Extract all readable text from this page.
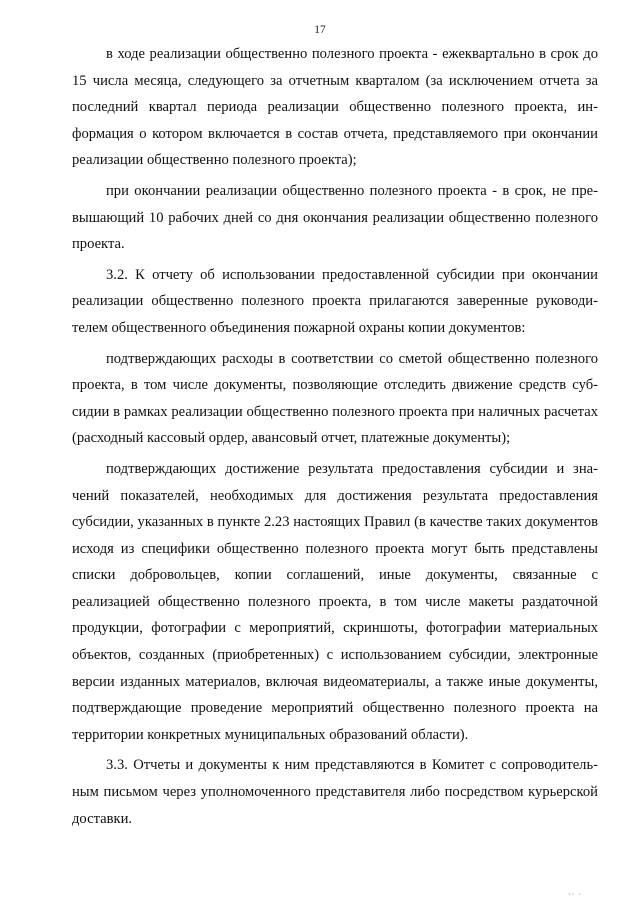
17

в ходе реализации общественно полезного проекта - ежеквартально в срок до 15 числа месяца, следующего за отчетным кварталом (за исключением отчета за последний квартал периода реализации общественно полезного проекта, информация о котором включается в состав отчета, представляемого при окончании реализации общественно полезного проекта);

при окончании реализации общественно полезного проекта - в срок, не превышающий 10 рабочих дней со дня окончания реализации общественно полезного проекта.

3.2. К отчету об использовании предоставленной субсидии при окончании реализации общественно полезного проекта прилагаются заверенные руководителем общественного объединения пожарной охраны копии документов:

подтверждающих расходы в соответствии со сметой общественно полезного проекта, в том числе документы, позволяющие отследить движение средств субсидии в рамках реализации общественно полезного проекта при наличных расчетах (расходный кассовый ордер, авансовый отчет, платежные документы);

подтверждающих достижение результата предоставления субсидии и значений показателей, необходимых для достижения результата предоставления субсидии, указанных в пункте 2.23 настоящих Правил (в качестве таких документов исходя из специфики общественно полезного проекта могут быть представлены списки добровольцев, копии соглашений, иные документы, связанные с реализацией общественно полезного проекта, в том числе макеты раздаточной продукции, фотографии с мероприятий, скриншоты, фотографии материальных объектов, созданных (приобретенных) с использованием субсидии, электронные версии изданных материалов, включая видеоматериалы, а также иные документы, подтверждающие проведение мероприятий общественно полезного проекта на территории конкретных муниципальных образований области).

3.3. Отчеты и документы к ним представляются в Комитет с сопроводительным письмом через уполномоченного представителя либо посредством курьерской доставки.

·· ·
